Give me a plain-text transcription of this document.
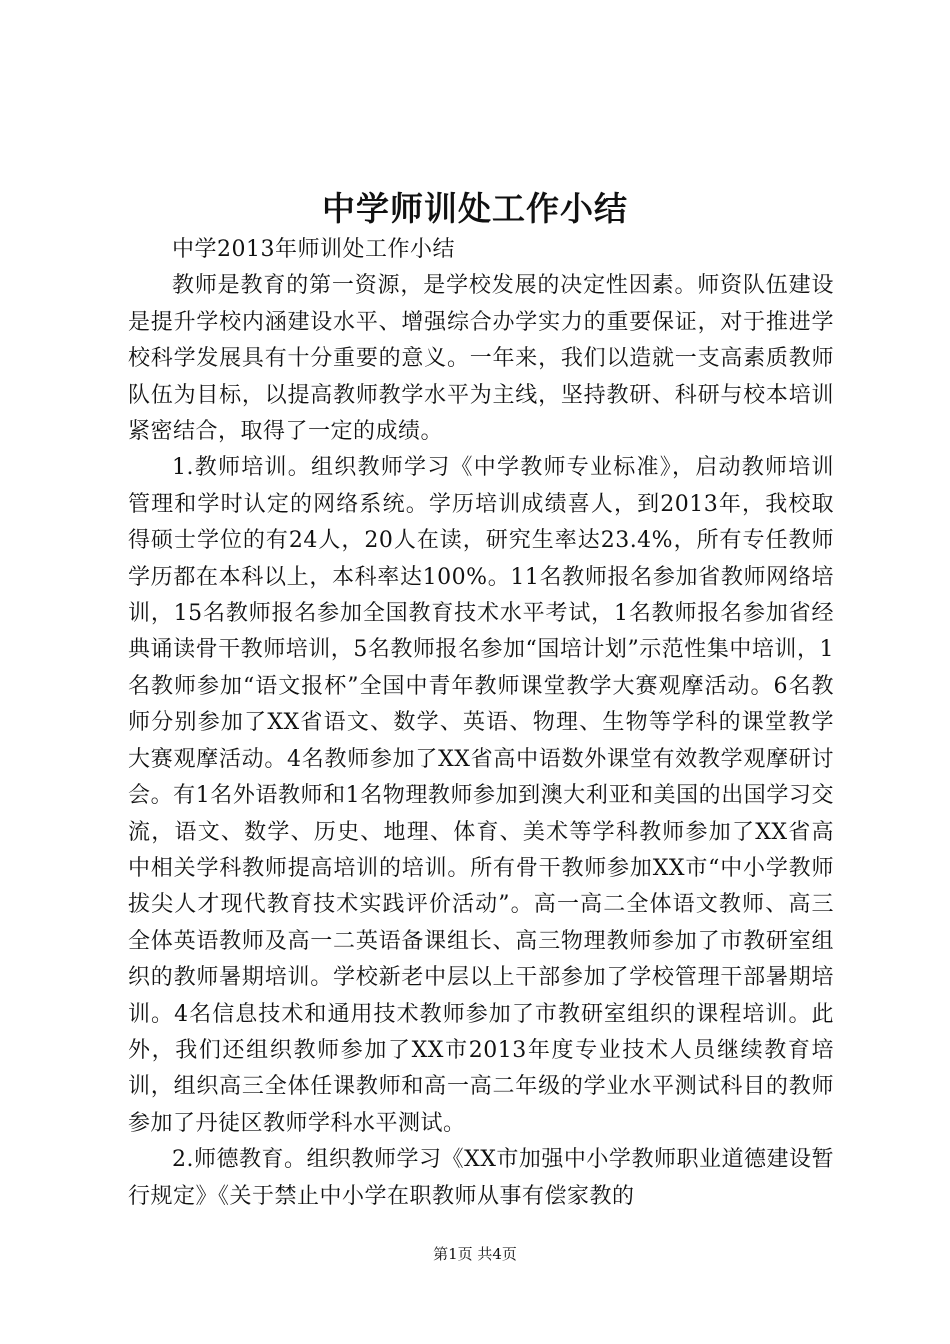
中学师训处工作小结

中学2013年师训处工作小结

教师是教育的第一资源，是学校发展的决定性因素。师资队伍建设是提升学校内涵建设水平、增强综合办学实力的重要保证，对于推进学校科学发展具有十分重要的意义。一年来，我们以造就一支高素质教师队伍为目标，以提高教师教学水平为主线，坚持教研、科研与校本培训紧密结合，取得了一定的成绩。

1.教师培训。组织教师学习《中学教师专业标准》，启动教师培训管理和学时认定的网络系统。学历培训成绩喜人，到2013年，我校取得硕士学位的有24人，20人在读，研究生率达23.4%，所有专任教师学历都在本科以上，本科率达100%。11名教师报名参加省教师网络培训，15名教师报名参加全国教育技术水平考试，1名教师报名参加省经典诵读骨干教师培训，5名教师报名参加“国培计划”示范性集中培训，1名教师参加“语文报杯”全国中青年教师课堂教学大赛观摩活动。6名教师分别参加了XX省语文、数学、英语、物理、生物等学科的课堂教学大赛观摩活动。4名教师参加了XX省高中语数外课堂有效教学观摩研讨会。有1名外语教师和1名物理教师参加到澳大利亚和美国的出国学习交流，语文、数学、历史、地理、体育、美术等学科教师参加了XX省高中相关学科教师提高培训的培训。所有骨干教师参加XX市“中小学教师拔尖人才现代教育技术实践评价活动”。高一高二全体语文教师、高三全体英语教师及高一二英语备课组长、高三物理教师参加了市教研室组织的教师暑期培训。学校新老中层以上干部参加了学校管理干部暑期培训。4名信息技术和通用技术教师参加了市教研室组织的课程培训。此外，我们还组织教师参加了XX市2013年度专业技术人员继续教育培训，组织高三全体任课教师和高一高二年级的学业水平测试科目的教师参加了丹徒区教师学科水平测试。

2.师德教育。组织教师学习《XX市加强中小学教师职业道德建设暂行规定》《关于禁止中小学在职教师从事有偿家教的

第1页 共4页
